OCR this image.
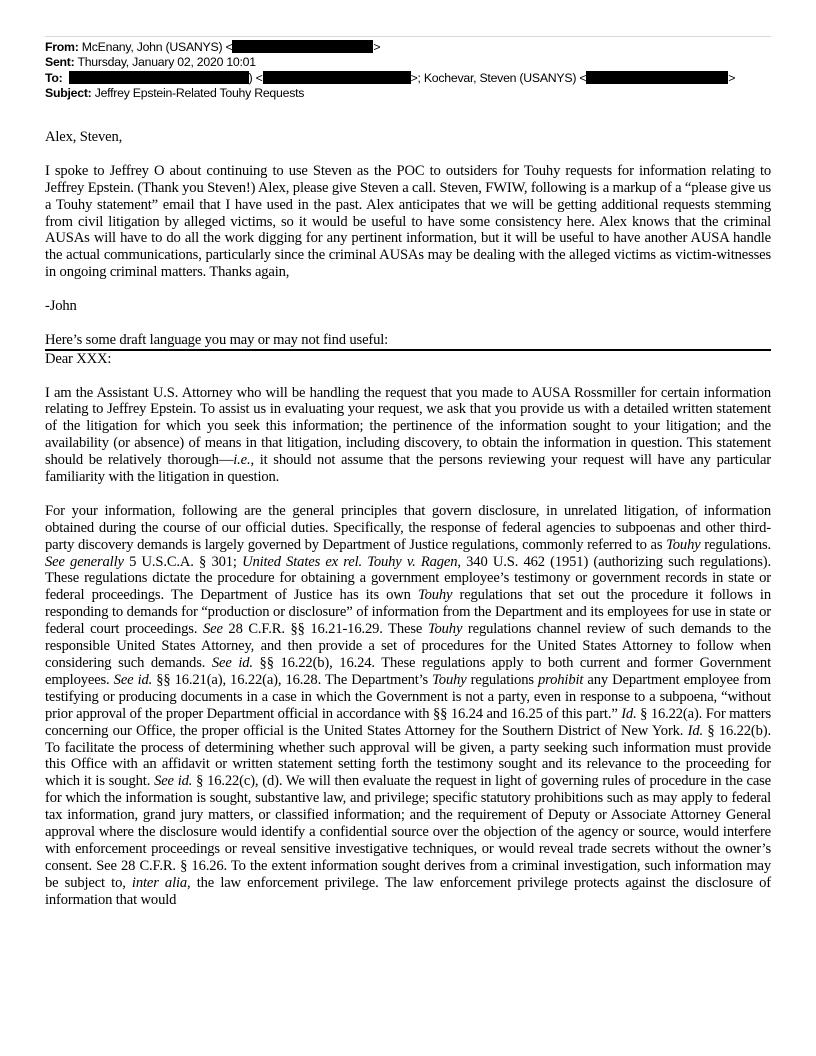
From: McEnany, John (USANYS) <	>
Sent: Thursday, January 02, 2020 10:01
To:	) <	>; Kochevar, Steven (USANYS) <	>
Subject: Jeffrey Epstein-Related Touhy Requests

Alex, Steven,

I spoke to Jeffrey O about continuing to use Steven as the POC to outsiders for Touhy requests for information relating to Jeffrey Epstein. (Thank you Steven!) Alex, please give Steven a call. Steven, FWIW, following is a markup of a “please give us a Touhy statement” email that I have used in the past. Alex anticipates that we will be getting additional requests stemming from civil litigation by alleged victims, so it would be useful to have some consistency here. Alex knows that the criminal AUSAs will have to do all the work digging for any pertinent information, but it will be useful to have another AUSA handle the actual communications, particularly since the criminal AUSAs may be dealing with the alleged victims as victim-witnesses in ongoing criminal matters. Thanks again,

-John

Here’s some draft language you may or may not find useful:

Dear XXX:

I am the Assistant U.S. Attorney who will be handling the request that you made to AUSA Rossmiller for certain information relating to Jeffrey Epstein. To assist us in evaluating your request, we ask that you provide us with a detailed written statement of the litigation for which you seek this information; the pertinence of the information sought to your litigation; and the availability (or absence) of means in that litigation, including discovery, to obtain the information in question. This statement should be relatively thorough—i.e., it should not assume that the persons reviewing your request will have any particular familiarity with the litigation in question.

For your information, following are the general principles that govern disclosure, in unrelated litigation, of information obtained during the course of our official duties. Specifically, the response of federal agencies to subpoenas and other third-party discovery demands is largely governed by Department of Justice regulations, commonly referred to as Touhy regulations. See generally 5 U.S.C.A. § 301; United States ex rel. Touhy v. Ragen, 340 U.S. 462 (1951) (authorizing such regulations). These regulations dictate the procedure for obtaining a government employee’s testimony or government records in state or federal proceedings. The Department of Justice has its own Touhy regulations that set out the procedure it follows in responding to demands for “production or disclosure” of information from the Department and its employees for use in state or federal court proceedings. See 28 C.F.R. §§ 16.21-16.29. These Touhy regulations channel review of such demands to the responsible United States Attorney, and then provide a set of procedures for the United States Attorney to follow when considering such demands. See id. §§ 16.22(b), 16.24. These regulations apply to both current and former Government employees. See id. §§ 16.21(a), 16.22(a), 16.28. The Department’s Touhy regulations prohibit any Department employee from testifying or producing documents in a case in which the Government is not a party, even in response to a subpoena, “without prior approval of the proper Department official in accordance with §§ 16.24 and 16.25 of this part.” Id. § 16.22(a). For matters concerning our Office, the proper official is the United States Attorney for the Southern District of New York. Id. § 16.22(b). To facilitate the process of determining whether such approval will be given, a party seeking such information must provide this Office with an affidavit or written statement setting forth the testimony sought and its relevance to the proceeding for which it is sought. See id. § 16.22(c), (d). We will then evaluate the request in light of governing rules of procedure in the case for which the information is sought, substantive law, and privilege; specific statutory prohibitions such as may apply to federal tax information, grand jury matters, or classified information; and the requirement of Deputy or Associate Attorney General approval where the disclosure would identify a confidential source over the objection of the agency or source, would interfere with enforcement proceedings or reveal sensitive investigative techniques, or would reveal trade secrets without the owner’s consent. See 28 C.F.R. § 16.26. To the extent information sought derives from a criminal investigation, such information may be subject to, inter alia, the law enforcement privilege. The law enforcement privilege protects against the disclosure of information that would
